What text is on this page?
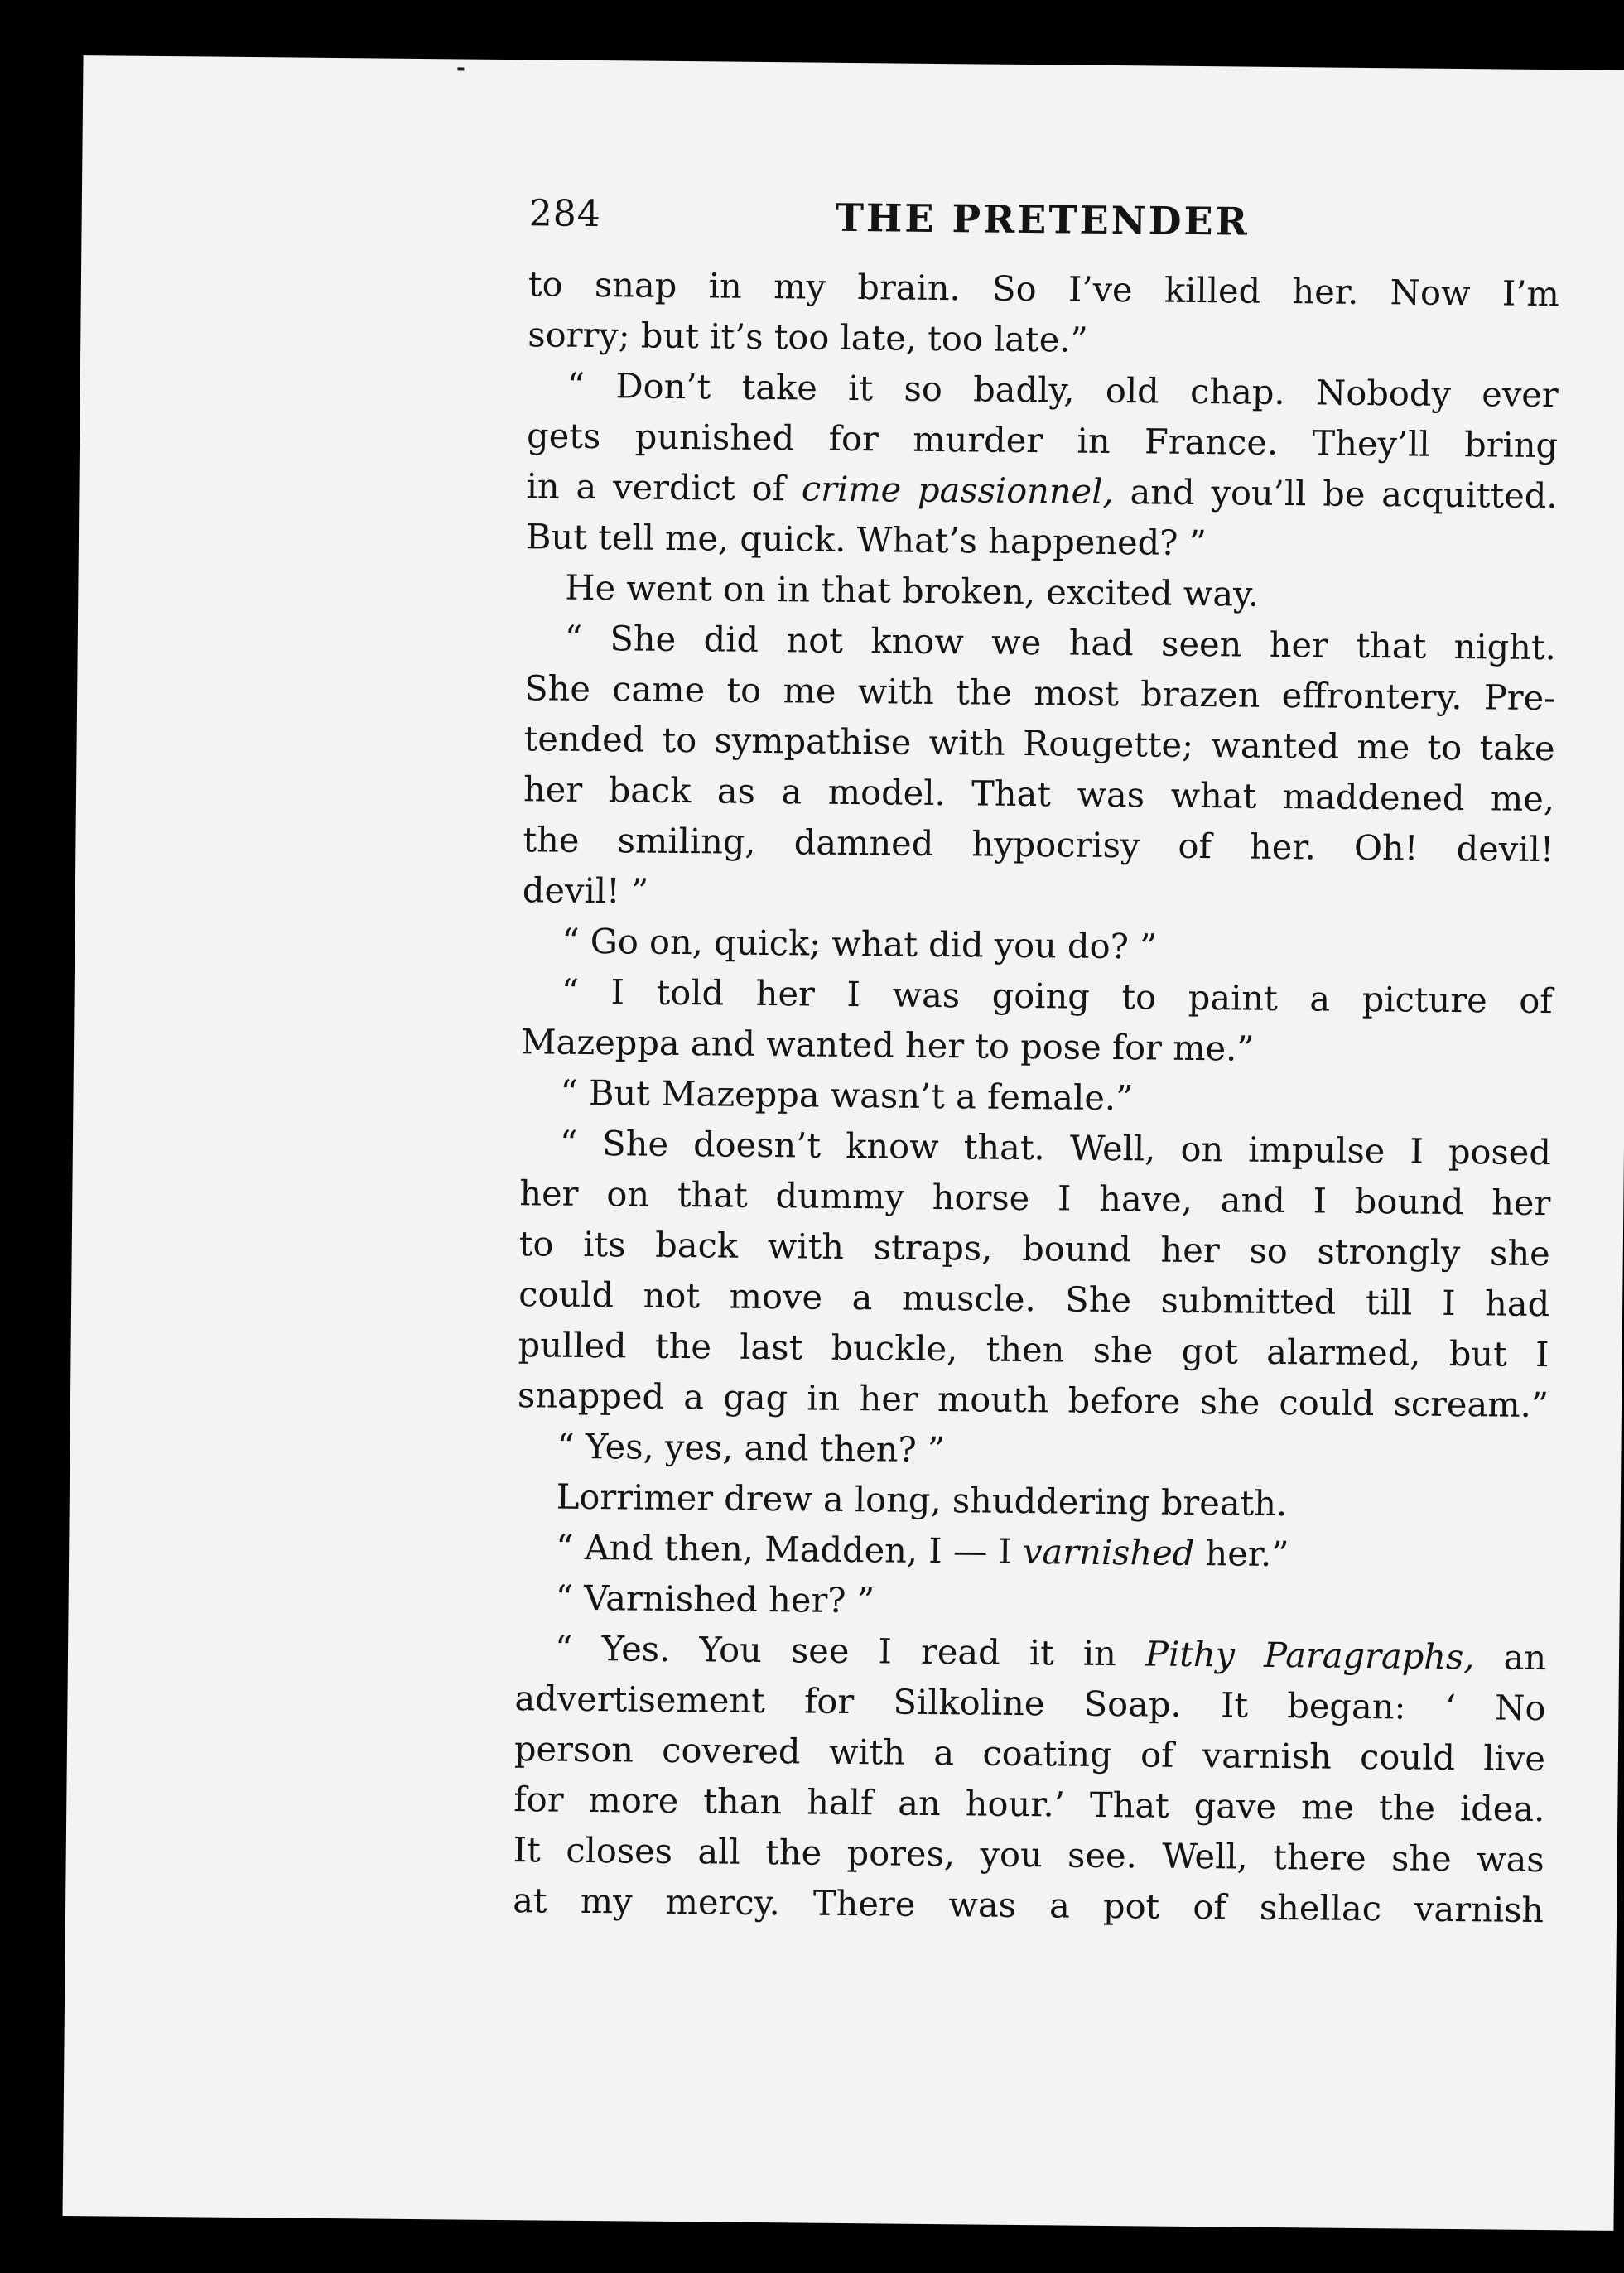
284	THE PRETENDER
to snap in my brain. So I’ve killed her. Now I’m
sorry; but it’s too late, too late.”
“ Don’t take it so badly, old chap. Nobody ever
gets punished for murder in France. They’ll bring
in a verdict of crime passionnel, and you’ll be acquitted.
But tell me, quick. What’s happened? ”
He went on in that broken, excited way.
“ She did not know we had seen her that night.
She came to me with the most brazen effrontery. Pre-
tended to sympathise with Rougette; wanted me to take
her back as a model. That was what maddened me,
the smiling, damned hypocrisy of her. Oh! devil!
devil! ”
“ Go on, quick; what did you do? ”
“ I told her I was going to paint a picture of
Mazeppa and wanted her to pose for me.”
“ But Mazeppa wasn’t a female.”
“ She doesn’t know that. Well, on impulse I posed
her on that dummy horse I have, and I bound her
to its back with straps, bound her so strongly she
could not move a muscle. She submitted till I had
pulled the last buckle, then she got alarmed, but I
snapped a gag in her mouth before she could scream.”
“ Yes, yes, and then? ”
Lorrimer drew a long, shuddering breath.
“ And then, Madden, I — I varnished her.”
“ Varnished her? ”
“ Yes. You see I read it in Pithy Paragraphs, an
advertisement for Silkoline Soap. It began: ‘ No
person covered with a coating of varnish could live
for more than half an hour.’ That gave me the idea.
It closes all the pores, you see. Well, there she was
at my mercy. There was a pot of shellac varnish
